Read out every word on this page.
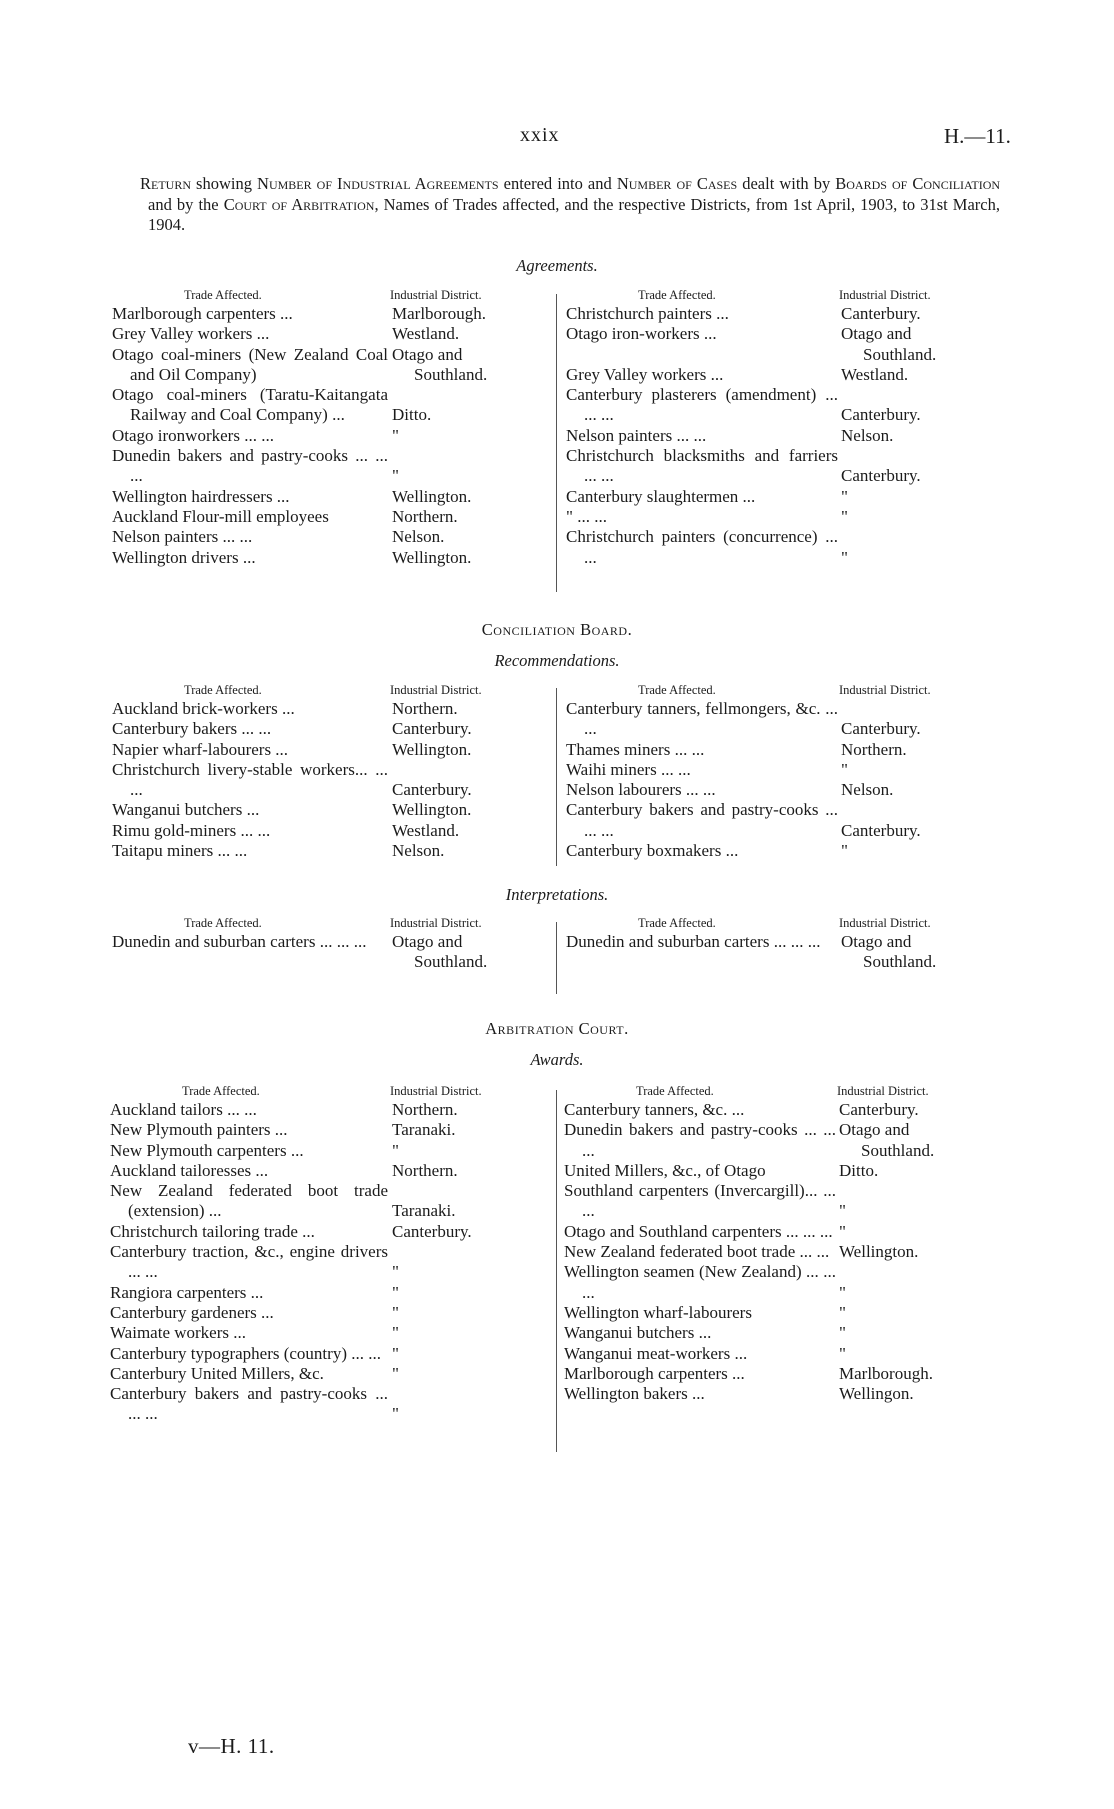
xxix	H.—11.
Return showing Number of Industrial Agreements entered into and Number of Cases dealt with by Boards of Conciliation and by the Court of Arbitration, Names of Trades affected, and the respective Districts, from 1st April, 1903, to 31st March, 1904.
Agreements.
Trade Affected.	Industrial District.
Marlborough carpenters ...	Marlborough.
Grey Valley workers ...	Westland.
Otago coal-miners (New Zealand Coal and Oil Company)
Otago and
Southland.
Otago coal-miners (Taratu-Kaitangata Railway and Coal Company) ...	Ditto.
Otago ironworkers ... ...	"
Dunedin bakers and pastry-cooks ... ... ...	"
Wellington hairdressers ...	Wellington.
Auckland Flour-mill employees	Northern.
Nelson painters ... ...	Nelson.
Wellington drivers ...	Wellington.
Trade Affected.	Industrial District.
Christchurch painters ...	Canterbury.
Otago iron-workers ...	Otago and
Southland.
Grey Valley workers ...	Westland.
Canterbury plasterers (amendment) ... ... ...	Canterbury.
Nelson painters ... ...	Nelson.
Christchurch blacksmiths and farriers ... ...	Canterbury.
Canterbury slaughtermen ...	"
" ... ...	"
Christchurch painters (concurrence) ... ...	"
Conciliation Board.
Recommendations.
Trade Affected.	Industrial District.
Auckland brick-workers ...	Northern.
Canterbury bakers ... ...	Canterbury.
Napier wharf-labourers ...	Wellington.
Christchurch livery-stable workers... ... ...	Canterbury.
Wanganui butchers ...	Wellington.
Rimu gold-miners ... ...	Westland.
Taitapu miners ... ...	Nelson.
Trade Affected.	Industrial District.
Canterbury tanners, fellmongers, &c. ... ...	Canterbury.
Thames miners ... ...	Northern.
Waihi miners ... ...	"
Nelson labourers ... ...	Nelson.
Canterbury bakers and pastry-cooks ... ... ...	Canterbury.
Canterbury boxmakers ...	"
Interpretations.
Trade Affected.	Industrial District.
Dunedin and suburban carters ... ... ...	Otago and
Southland.
Trade Affected.	Industrial District.
Dunedin and suburban carters ... ... ...	Otago and
Southland.
Arbitration Court.
Awards.
Trade Affected.	Industrial District.
Auckland tailors ... ...	Northern.
New Plymouth painters ...	Taranaki.
New Plymouth carpenters ...	"
Auckland tailoresses ...	Northern.
New Zealand federated boot trade (extension) ...	Taranaki.
Christchurch tailoring trade ...	Canterbury.
Canterbury traction, &c., engine drivers ... ...	"
Rangiora carpenters ...	"
Canterbury gardeners ...	"
Waimate workers ...	"
Canterbury typographers (country) ... ... "
Canterbury United Millers, &c.	"
Canterbury bakers and pastry-cooks ... ... ...	"
Trade Affected.	Industrial District.
Canterbury tanners, &c. ...	Canterbury.
Dunedin bakers and pastry-cooks ... ... ...
Otago and
Southland.
United Millers, &c., of Otago	Ditto.
Southland carpenters (Invercargill)... ... ...	"
Otago and Southland carpenters ... ... ... "
New Zealand federated boot trade ... ... Wellington.
Wellington seamen (New Zealand) ... ... ...	"
Wellington wharf-labourers	"
Wanganui butchers ...	"
Wanganui meat-workers ...	"
Marlborough carpenters ...	Marlborough.
Wellington bakers ...	Wellingon.
v—H. 11.
